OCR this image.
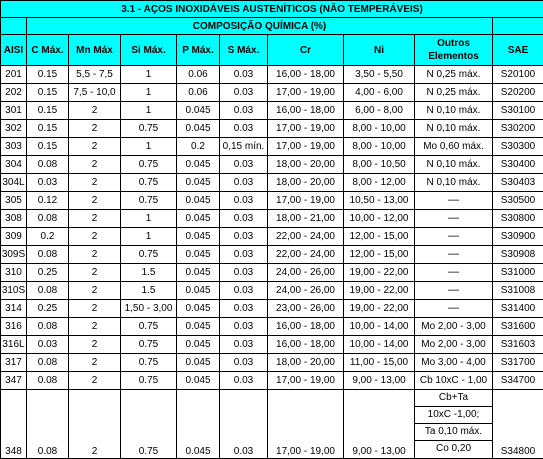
3.1 - AÇOS INOXIDÁVEIS AUSTENÍTICOS (NÃO TEMPERÁVEIS)									
	COMPOSIÇÃO QUÍMICA (%)								
AISI	C Máx.	Mn Máx	Si Máx.	P Máx.	S Máx.	Cr	Ni	Outros Elementos	SAE
201	0.15	5,5 - 7,5	1	0.06	0.03	16,00 - 18,00	3,50 - 5,50	N 0,25 máx.	S20100
202	0.15	7,5 - 10,0	1	0.06	0.03	17,00 - 19,00	4,00 - 6,00	N 0,25 máx.	S20200
301	0.15	2	1	0.045	0.03	16,00 - 18,00	6,00 - 8,00	N 0,10 máx.	S30100
302	0.15	2	0.75	0.045	0.03	17,00 - 19,00	8,00 - 10,00	N 0,10 máx.	S30200
303	0.15	2	1	0.2	0,15 mín.	17,00 - 19,00	8,00 - 10,00	Mo 0,60 máx.	S30300
304	0.08	2	0.75	0.045	0.03	18,00 - 20,00	8,00 - 10,50	N 0,10 máx.	S30400
304L	0.03	2	0.75	0.045	0.03	18,00 - 20,00	8,00 - 12,00	N 0,10 máx.	S30403
305	0.12	2	0.75	0.045	0.03	17,00 - 19,00	10,50 - 13,00	—	S30500
308	0.08	2	1	0.045	0.03	18,00 - 21,00	10,00 - 12,00	—	S30800
309	0.2	2	1	0.045	0.03	22,00 - 24,00	12,00 - 15,00	—	S30900
309S	0.08	2	0.75	0.045	0.03	22,00 - 24,00	12,00 - 15,00	—	S30908
310	0.25	2	1.5	0.045	0.03	24,00 - 26,00	19,00 - 22,00	—	S31000
310S	0.08	2	1.5	0.045	0.03	24,00 - 26,00	19,00 - 22,00	—	S31008
314	0.25	2	1,50 - 3,00	0.045	0.03	23,00 - 26,00	19,00 - 22,00	—	S31400
316	0.08	2	0.75	0.045	0.03	16,00 - 18,00	10,00 - 14,00	Mo 2,00 - 3,00	S31600
316L	0.03	2	0.75	0.045	0.03	16,00 - 18,00	10,00 - 14,00	Mo 2,00 - 3,00	S31603
317	0.08	2	0.75	0.045	0.03	18,00 - 20,00	11,00 - 15,00	Mo 3,00 - 4,00	S31700
347	0.08	2	0.75	0.045	0.03	17,00 - 19,00	9,00 - 13,00	Cb 10xC - 1,00	S34700
348	0.08	2	0.75	0.045	0.03	17,00 - 19,00	9,00 - 13,00	Cb+Ta
10xC -1,00;
Ta 0,10 máx.
Co 0,20	S34800
